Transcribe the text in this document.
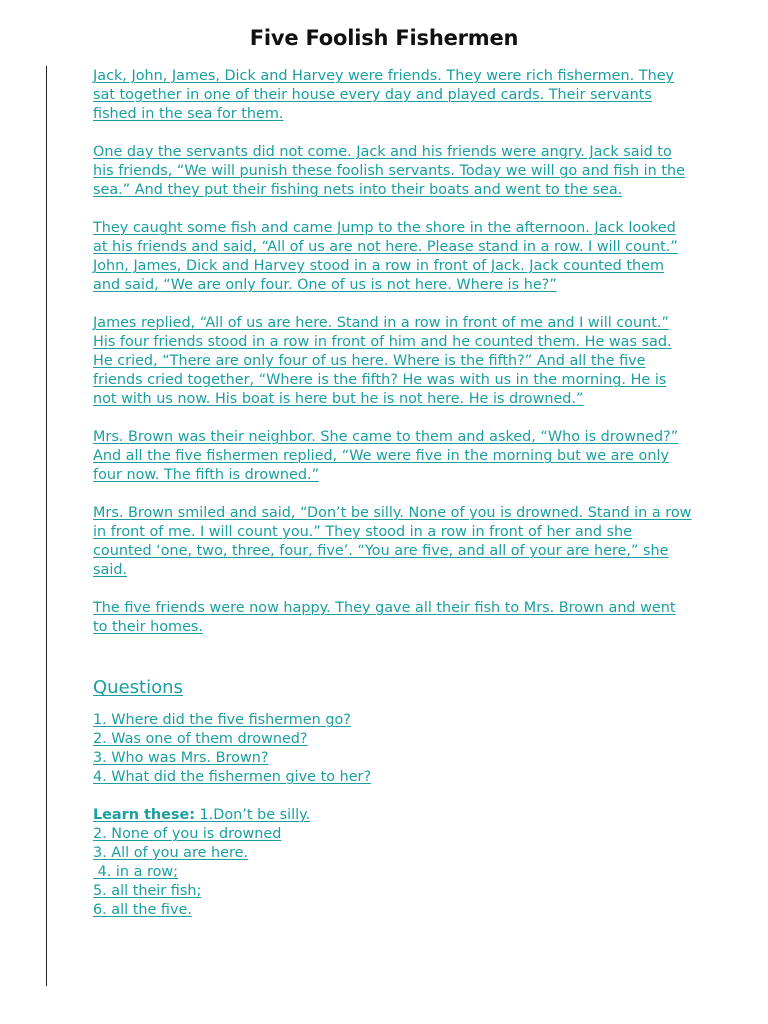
Five Foolish Fishermen

Jack, John, James, Dick and Harvey were friends. They were rich fishermen. They sat together in one of their house every day and played cards. Their servants fished in the sea for them.

One day the servants did not come. Jack and his friends were angry. Jack said to his friends, “We will punish these foolish servants. Today we will go and fish in the sea.” And they put their fishing nets into their boats and went to the sea.

They caught some fish and came Jump to the shore in the afternoon. Jack looked at his friends and said, “All of us are not here. Please stand in a row. I will count.” John, James, Dick and Harvey stood in a row in front of Jack. Jack counted them and said, “We are only four. One of us is not here. Where is he?”

James replied, “All of us are here. Stand in a row in front of me and I will count.” His four friends stood in a row in front of him and he counted them. He was sad. He cried, “There are only four of us here. Where is the fifth?” And all the five friends cried together, “Where is the fifth? He was with us in the morning. He is not with us now. His boat is here but he is not here. He is drowned.”

Mrs. Brown was their neighbor. She came to them and asked, “Who is drowned?” And all the five fishermen replied, “We were five in the morning but we are only four now. The fifth is drowned.”

Mrs. Brown smiled and said, “Don’t be silly. None of you is drowned. Stand in a row in front of me. I will count you.” They stood in a row in front of her and she counted ‘one, two, three, four, five’. “You are five, and all of your are here,” she said.

The five friends were now happy. They gave all their fish to Mrs. Brown and went to their homes.

Questions
1. Where did the five fishermen go?
2. Was one of them drowned?
3. Who was Mrs. Brown?
4. What did the fishermen give to her?
Learn these: 1.Don’t be silly.
2. None of you is drowned
3. All of you are here.
4. in a row;
5. all their fish;
6. all the five.
